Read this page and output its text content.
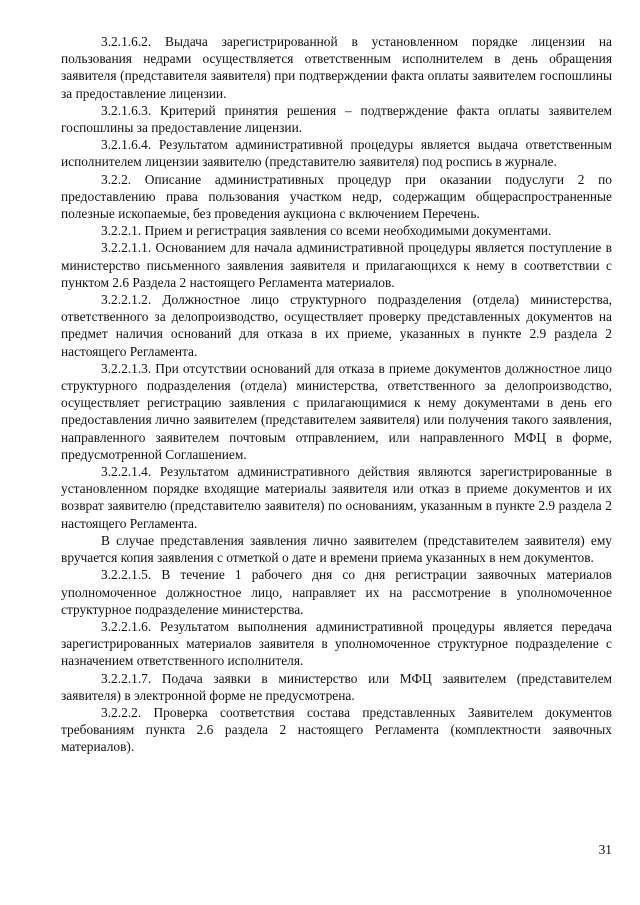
3.2.1.6.2. Выдача зарегистрированной в установленном порядке лицензии на пользования недрами осуществляется ответственным исполнителем в день обращения заявителя (представителя заявителя) при подтверждении факта оплаты заявителем госпошлины за предоставление лицензии.

3.2.1.6.3. Критерий принятия решения – подтверждение факта оплаты заявителем госпошлины за предоставление лицензии.

3.2.1.6.4. Результатом административной процедуры является выдача ответственным исполнителем лицензии заявителю (представителю заявителя) под роспись в журнале.

3.2.2. Описание административных процедур при оказании подуслуги 2 по предоставлению права пользования участком недр, содержащим общераспространенные полезные ископаемые, без проведения аукциона с включением Перечень.

3.2.2.1. Прием и регистрация заявления со всеми необходимыми документами.

3.2.2.1.1. Основанием для начала административной процедуры является поступление в министерство письменного заявления заявителя и прилагающихся к нему в соответствии с пунктом 2.6 Раздела 2 настоящего Регламента материалов.

3.2.2.1.2. Должностное лицо структурного подразделения (отдела) министерства, ответственного за делопроизводство, осуществляет проверку представленных документов на предмет наличия оснований для отказа в их приеме, указанных в пункте 2.9 раздела 2 настоящего Регламента.

3.2.2.1.3. При отсутствии оснований для отказа в приеме документов должностное лицо структурного подразделения (отдела) министерства, ответственного за делопроизводство, осуществляет регистрацию заявления с прилагающимися к нему документами в день его предоставления лично заявителем (представителем заявителя) или получения такого заявления, направленного заявителем почтовым отправлением, или направленного МФЦ в форме, предусмотренной Соглашением.

3.2.2.1.4. Результатом административного действия являются зарегистрированные в установленном порядке входящие материалы заявителя или отказ в приеме документов и их возврат заявителю (представителю заявителя) по основаниям, указанным в пункте 2.9 раздела 2 настоящего Регламента.

В случае представления заявления лично заявителем (представителем заявителя) ему вручается копия заявления с отметкой о дате и времени приема указанных в нем документов.

3.2.2.1.5. В течение 1 рабочего дня со дня регистрации заявочных материалов уполномоченное должностное лицо, направляет их на рассмотрение в уполномоченное структурное подразделение министерства.

3.2.2.1.6. Результатом выполнения административной процедуры является передача зарегистрированных материалов заявителя в уполномоченное структурное подразделение с назначением ответственного исполнителя.

3.2.2.1.7. Подача заявки в министерство или МФЦ заявителем (представителем заявителя) в электронной форме не предусмотрена.

3.2.2.2. Проверка соответствия состава представленных Заявителем документов требованиям пункта 2.6 раздела 2 настоящего Регламента (комплектности заявочных материалов).

31
